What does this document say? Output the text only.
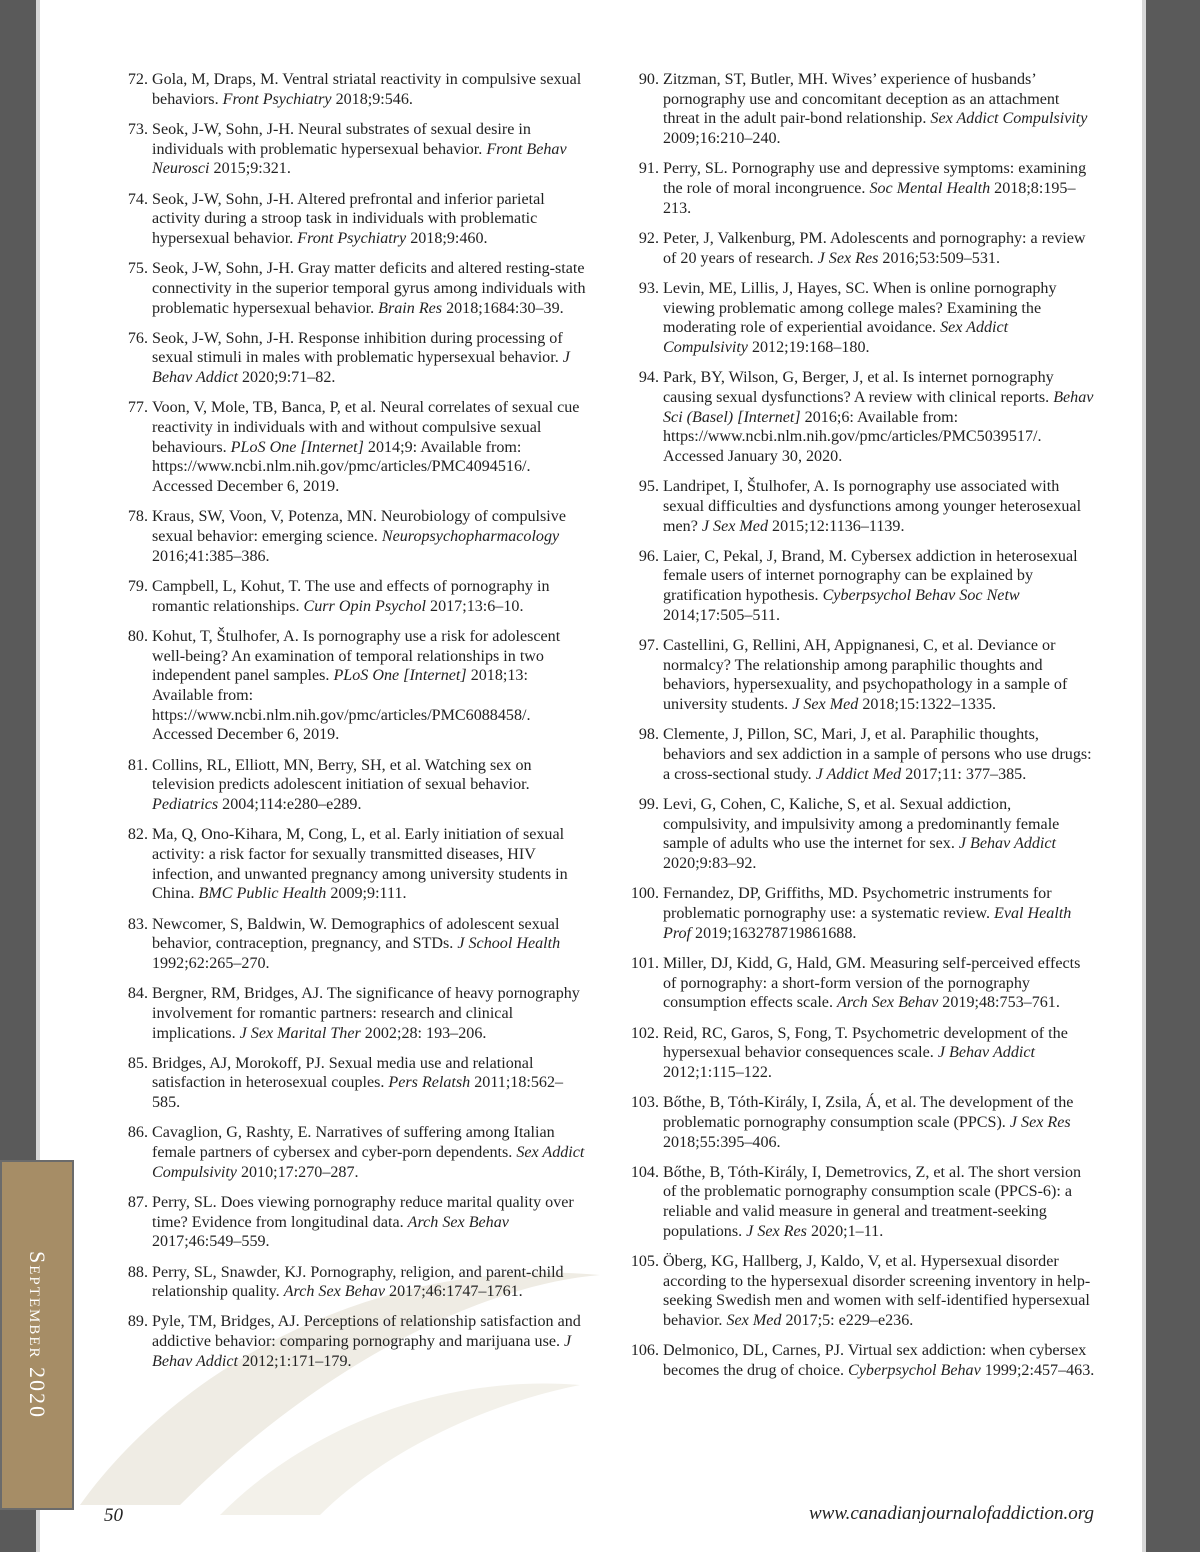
September 2020
72. Gola, M, Draps, M. Ventral striatal reactivity in compulsive sexual behaviors. Front Psychiatry 2018;9:546.
73. Seok, J-W, Sohn, J-H. Neural substrates of sexual desire in individuals with problematic hypersexual behavior. Front Behav Neurosci 2015;9:321.
74. Seok, J-W, Sohn, J-H. Altered prefrontal and inferior parietal activity during a stroop task in individuals with problematic hypersexual behavior. Front Psychiatry 2018;9:460.
75. Seok, J-W, Sohn, J-H. Gray matter deficits and altered resting-state connectivity in the superior temporal gyrus among individuals with problematic hypersexual behavior. Brain Res 2018;1684:30–39.
76. Seok, J-W, Sohn, J-H. Response inhibition during processing of sexual stimuli in males with problematic hypersexual behavior. J Behav Addict 2020;9:71–82.
77. Voon, V, Mole, TB, Banca, P, et al. Neural correlates of sexual cue reactivity in individuals with and without compulsive sexual behaviours. PLoS One [Internet] 2014;9: Available from: https://www.ncbi.nlm.nih.gov/pmc/articles/PMC4094516/. Accessed December 6, 2019.
78. Kraus, SW, Voon, V, Potenza, MN. Neurobiology of compulsive sexual behavior: emerging science. Neuropsychopharmacology 2016;41:385–386.
79. Campbell, L, Kohut, T. The use and effects of pornography in romantic relationships. Curr Opin Psychol 2017;13:6–10.
80. Kohut, T, Štulhofer, A. Is pornography use a risk for adolescent well-being? An examination of temporal relationships in two independent panel samples. PLoS One [Internet] 2018;13: Available from: https://www.ncbi.nlm.nih.gov/pmc/articles/PMC6088458/. Accessed December 6, 2019.
81. Collins, RL, Elliott, MN, Berry, SH, et al. Watching sex on television predicts adolescent initiation of sexual behavior. Pediatrics 2004;114:e280–e289.
82. Ma, Q, Ono-Kihara, M, Cong, L, et al. Early initiation of sexual activity: a risk factor for sexually transmitted diseases, HIV infection, and unwanted pregnancy among university students in China. BMC Public Health 2009;9:111.
83. Newcomer, S, Baldwin, W. Demographics of adolescent sexual behavior, contraception, pregnancy, and STDs. J School Health 1992;62:265–270.
84. Bergner, RM, Bridges, AJ. The significance of heavy pornography involvement for romantic partners: research and clinical implications. J Sex Marital Ther 2002;28: 193–206.
85. Bridges, AJ, Morokoff, PJ. Sexual media use and relational satisfaction in heterosexual couples. Pers Relatsh 2011;18:562–585.
86. Cavaglion, G, Rashty, E. Narratives of suffering among Italian female partners of cybersex and cyber-porn dependents. Sex Addict Compulsivity 2010;17:270–287.
87. Perry, SL. Does viewing pornography reduce marital quality over time? Evidence from longitudinal data. Arch Sex Behav 2017;46:549–559.
88. Perry, SL, Snawder, KJ. Pornography, religion, and parent-child relationship quality. Arch Sex Behav 2017;46:1747–1761.
89. Pyle, TM, Bridges, AJ. Perceptions of relationship satisfaction and addictive behavior: comparing pornography and marijuana use. J Behav Addict 2012;1:171–179.
90. Zitzman, ST, Butler, MH. Wives’ experience of husbands’ pornography use and concomitant deception as an attachment threat in the adult pair-bond relationship. Sex Addict Compulsivity 2009;16:210–240.
91. Perry, SL. Pornography use and depressive symptoms: examining the role of moral incongruence. Soc Mental Health 2018;8:195–213.
92. Peter, J, Valkenburg, PM. Adolescents and pornography: a review of 20 years of research. J Sex Res 2016;53:509–531.
93. Levin, ME, Lillis, J, Hayes, SC. When is online pornography viewing problematic among college males? Examining the moderating role of experiential avoidance. Sex Addict Compulsivity 2012;19:168–180.
94. Park, BY, Wilson, G, Berger, J, et al. Is internet pornography causing sexual dysfunctions? A review with clinical reports. Behav Sci (Basel) [Internet] 2016;6: Available from: https://www.ncbi.nlm.nih.gov/pmc/articles/PMC5039517/. Accessed January 30, 2020.
95. Landripet, I, Štulhofer, A. Is pornography use associated with sexual difficulties and dysfunctions among younger heterosexual men? J Sex Med 2015;12:1136–1139.
96. Laier, C, Pekal, J, Brand, M. Cybersex addiction in heterosexual female users of internet pornography can be explained by gratification hypothesis. Cyberpsychol Behav Soc Netw 2014;17:505–511.
97. Castellini, G, Rellini, AH, Appignanesi, C, et al. Deviance or normalcy? The relationship among paraphilic thoughts and behaviors, hypersexuality, and psychopathology in a sample of university students. J Sex Med 2018;15:1322–1335.
98. Clemente, J, Pillon, SC, Mari, J, et al. Paraphilic thoughts, behaviors and sex addiction in a sample of persons who use drugs: a cross-sectional study. J Addict Med 2017;11: 377–385.
99. Levi, G, Cohen, C, Kaliche, S, et al. Sexual addiction, compulsivity, and impulsivity among a predominantly female sample of adults who use the internet for sex. J Behav Addict 2020;9:83–92.
100. Fernandez, DP, Griffiths, MD. Psychometric instruments for problematic pornography use: a systematic review. Eval Health Prof 2019;163278719861688.
101. Miller, DJ, Kidd, G, Hald, GM. Measuring self-perceived effects of pornography: a short-form version of the pornography consumption effects scale. Arch Sex Behav 2019;48:753–761.
102. Reid, RC, Garos, S, Fong, T. Psychometric development of the hypersexual behavior consequences scale. J Behav Addict 2012;1:115–122.
103. Bőthe, B, Tóth-Király, I, Zsila, Á, et al. The development of the problematic pornography consumption scale (PPCS). J Sex Res 2018;55:395–406.
104. Bőthe, B, Tóth-Király, I, Demetrovics, Z, et al. The short version of the problematic pornography consumption scale (PPCS-6): a reliable and valid measure in general and treatment-seeking populations. J Sex Res 2020;1–11.
105. Öberg, KG, Hallberg, J, Kaldo, V, et al. Hypersexual disorder according to the hypersexual disorder screening inventory in help-seeking Swedish men and women with self-identified hypersexual behavior. Sex Med 2017;5: e229–e236.
106. Delmonico, DL, Carnes, PJ. Virtual sex addiction: when cybersex becomes the drug of choice. Cyberpsychol Behav 1999;2:457–463.
50	www.canadianjournalofaddiction.org
